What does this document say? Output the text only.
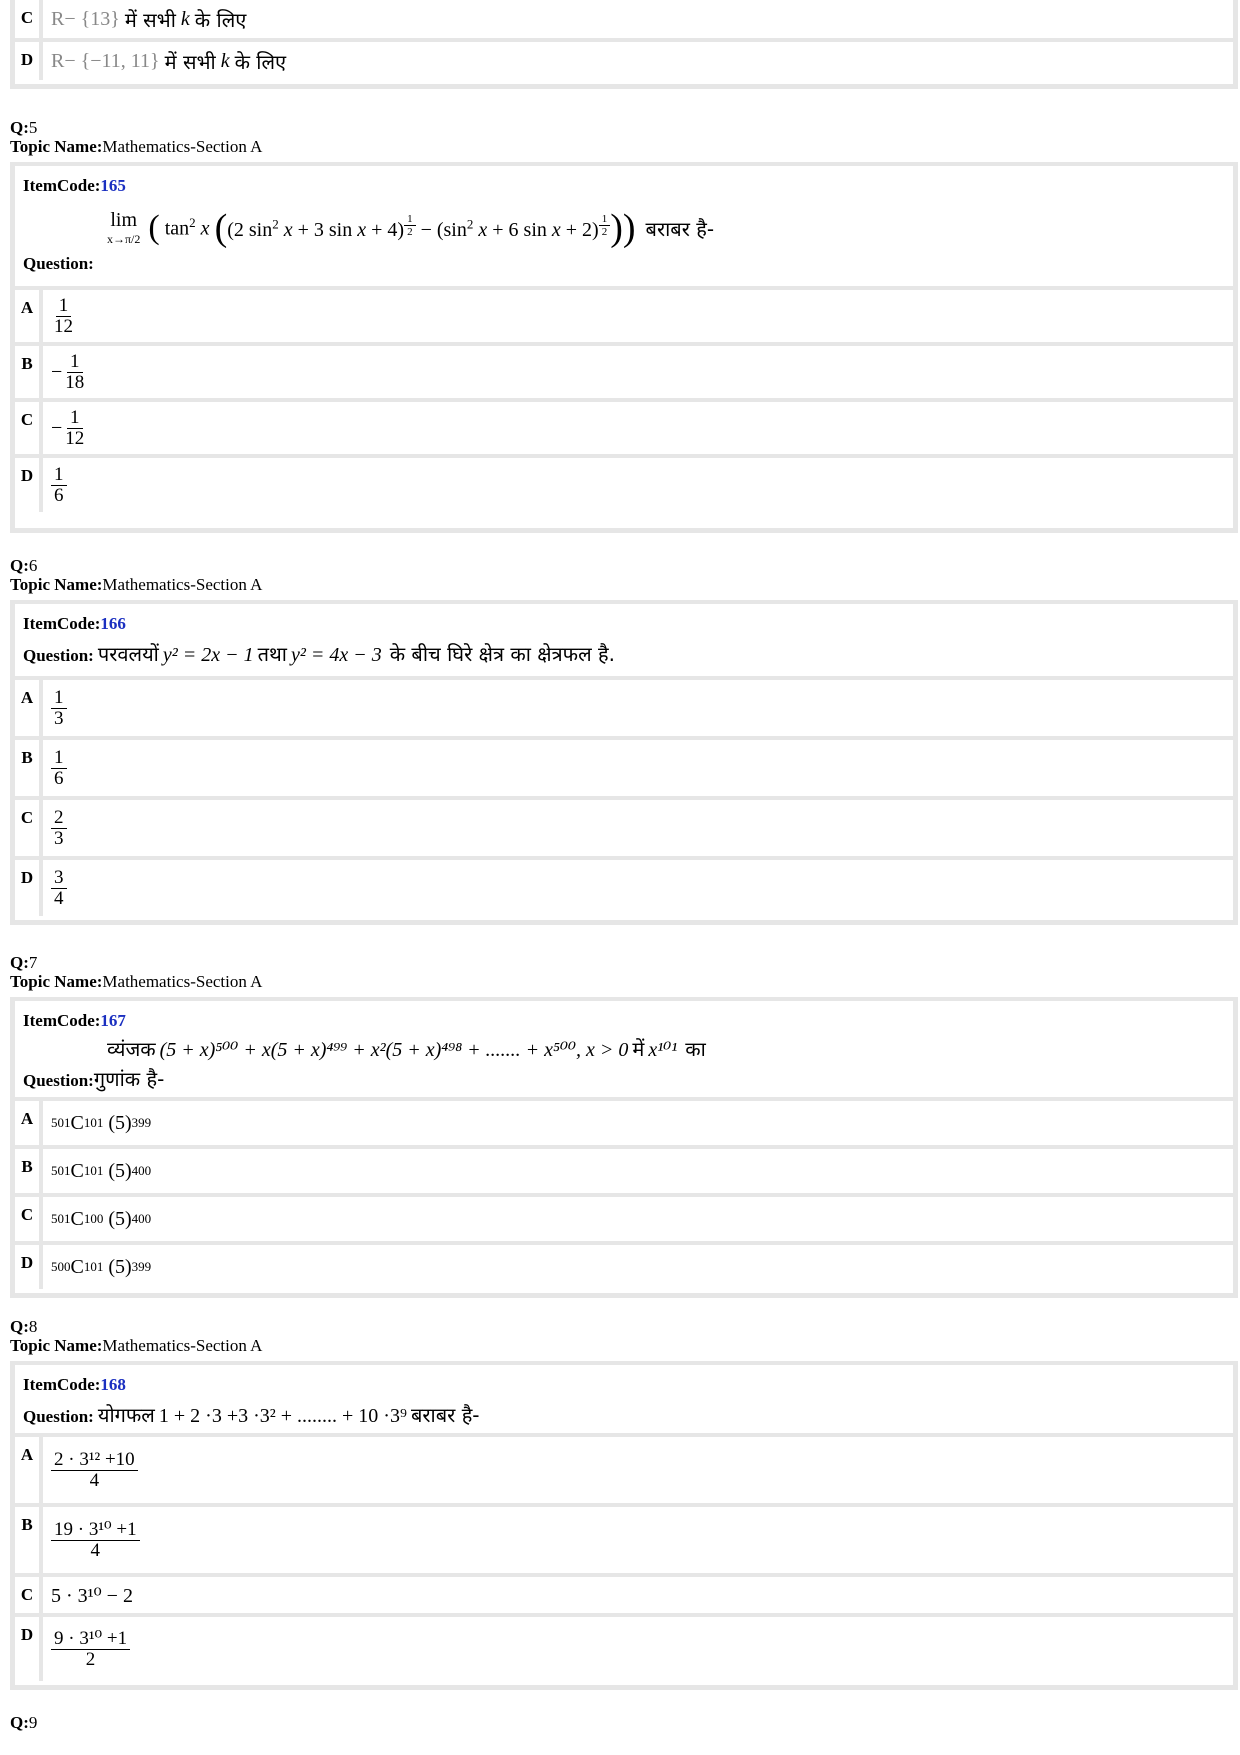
C R− {13}
में सभी
k
के लिए
D R− {−11, 11}
में सभी
k
के लिए
Q:5
Topic Name:Mathematics-Section A
ItemCode:165
Question:
lim
x→π/2 ( $\tan^2 x$ ( (2 $\sin^2 x + 3$ sin x + 4) $^{\frac{1}{2}} - (\sin^2$ x + 6 sin x + 2) $^{\frac{1}{2}}$ )) बराबर है-
A $\frac{1}{12}$
$B - \frac{1}{18}$
$C - \frac{1}{12}$
D $\frac{1}{6}$
Q:6
Topic Name:Mathematics-Section A
ItemCode:166
Question:
परवलयों
y² = 2x − 1
तथा
y² = 4x − 3
के बीच घिरे क्षेत्र का क्षेत्रफल है.
A $\frac{1}{3}$
B $\frac{1}{6}$
C $\frac{2}{3}$
D $\frac{3}{4}$
Q:7
Topic Name:Mathematics-Section A
ItemCode:167
व्यंजक
(5 + x)⁵⁰⁰ + x(5 + x)⁴⁹⁹ + x²(5 + x)⁴⁹⁸ + ....... + x⁵⁰⁰, x > 0
में
x¹⁰¹
का
Question: गुणांक है-
A	501 C 101
(5) 399
B	501 C 101
(5) 400
C	501 C 100
(5) 400
D	500 C 101
(5) 399
Q:8
Topic Name:Mathematics-Section A
ItemCode:168
Question:
योगफल
1 + 2 ·3 +3 ·3² + ........ + 10 ·3⁹
बराबर है-
A $\frac{\text{2 · 3¹² +10}}{4}$
B $\frac{\text{19 · 3¹⁰ +1}}{4}$
C 5 · 3¹⁰ − 2
D $\frac{\text{9 · 3¹⁰ +1}}{2}$
Q:9
